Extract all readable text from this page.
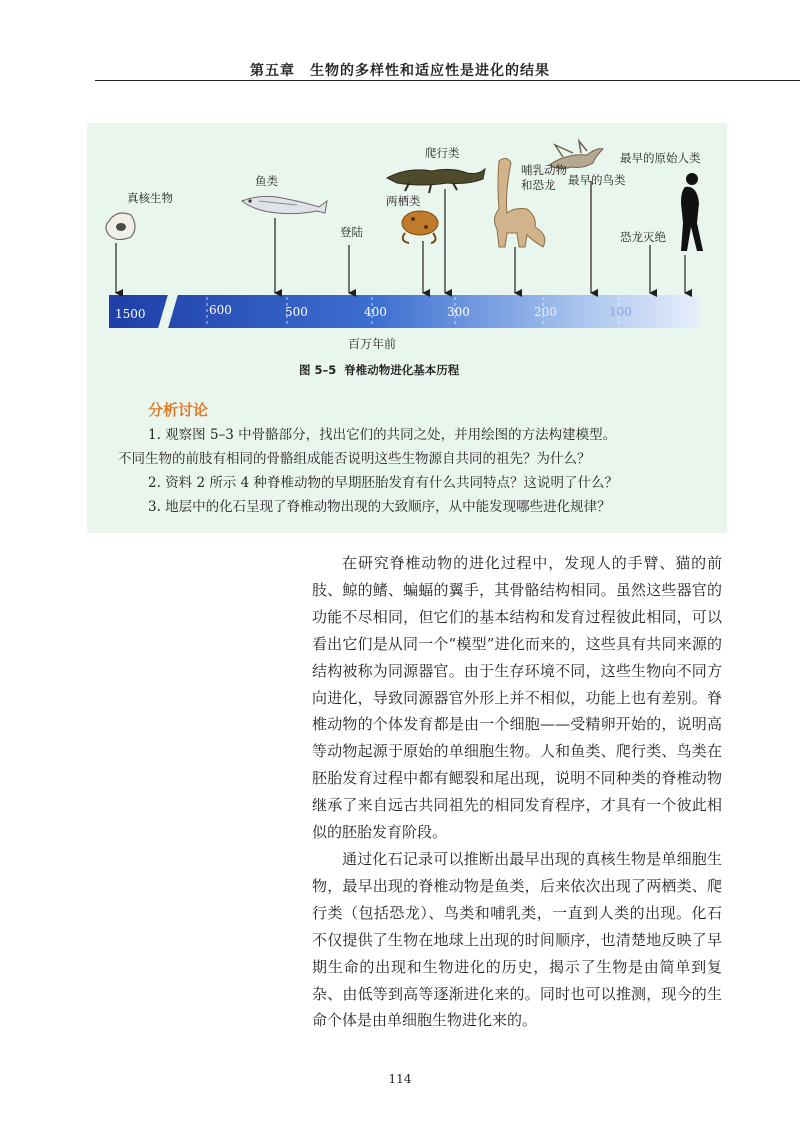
第五章　生物的多样性和适应性是进化的结果
真核生物
鱼类
登陆
爬行类
两栖类
哺乳动物
和恐龙	最早的鸟类
最早的原始人类
恐龙灭绝
1500	600	500	400	300	200	100
百万年前
图 5–5 脊椎动物进化基本历程
分析讨论
1. 观察图 5–3 中骨骼部分，找出它们的共同之处，并用绘图的方法构建模型。
不同生物的前肢有相同的骨骼组成能否说明这些生物源自共同的祖先？为什么？
2. 资料 2 所示 4 种脊椎动物的早期胚胎发育有什么共同特点？这说明了什么？
3. 地层中的化石呈现了脊椎动物出现的大致顺序，从中能发现哪些进化规律？

在研究脊椎动物的进化过程中，发现人的手臂、猫的前肢、鲸的鳍、蝙蝠的翼手，其骨骼结构相同。虽然这些器官的功能不尽相同，但它们的基本结构和发育过程彼此相同，可以看出它们是从同一个“模型”进化而来的，这些具有共同来源的结构被称为同源器官。由于生存环境不同，这些生物向不同方向进化，导致同源器官外形上并不相似，功能上也有差别。脊椎动物的个体发育都是由一个细胞——受精卵开始的，说明高等动物起源于原始的单细胞生物。人和鱼类、爬行类、鸟类在胚胎发育过程中都有鳃裂和尾出现，说明不同种类的脊椎动物继承了来自远古共同祖先的相同发育程序，才具有一个彼此相似的胚胎发育阶段。

通过化石记录可以推断出最早出现的真核生物是单细胞生物，最早出现的脊椎动物是鱼类，后来依次出现了两栖类、爬行类（包括恐龙）、鸟类和哺乳类，一直到人类的出现。化石不仅提供了生物在地球上出现的时间顺序，也清楚地反映了早期生命的出现和生物进化的历史，揭示了生物是由简单到复杂、由低等到高等逐渐进化来的。同时也可以推测，现今的生命个体是由单细胞生物进化来的。

114
